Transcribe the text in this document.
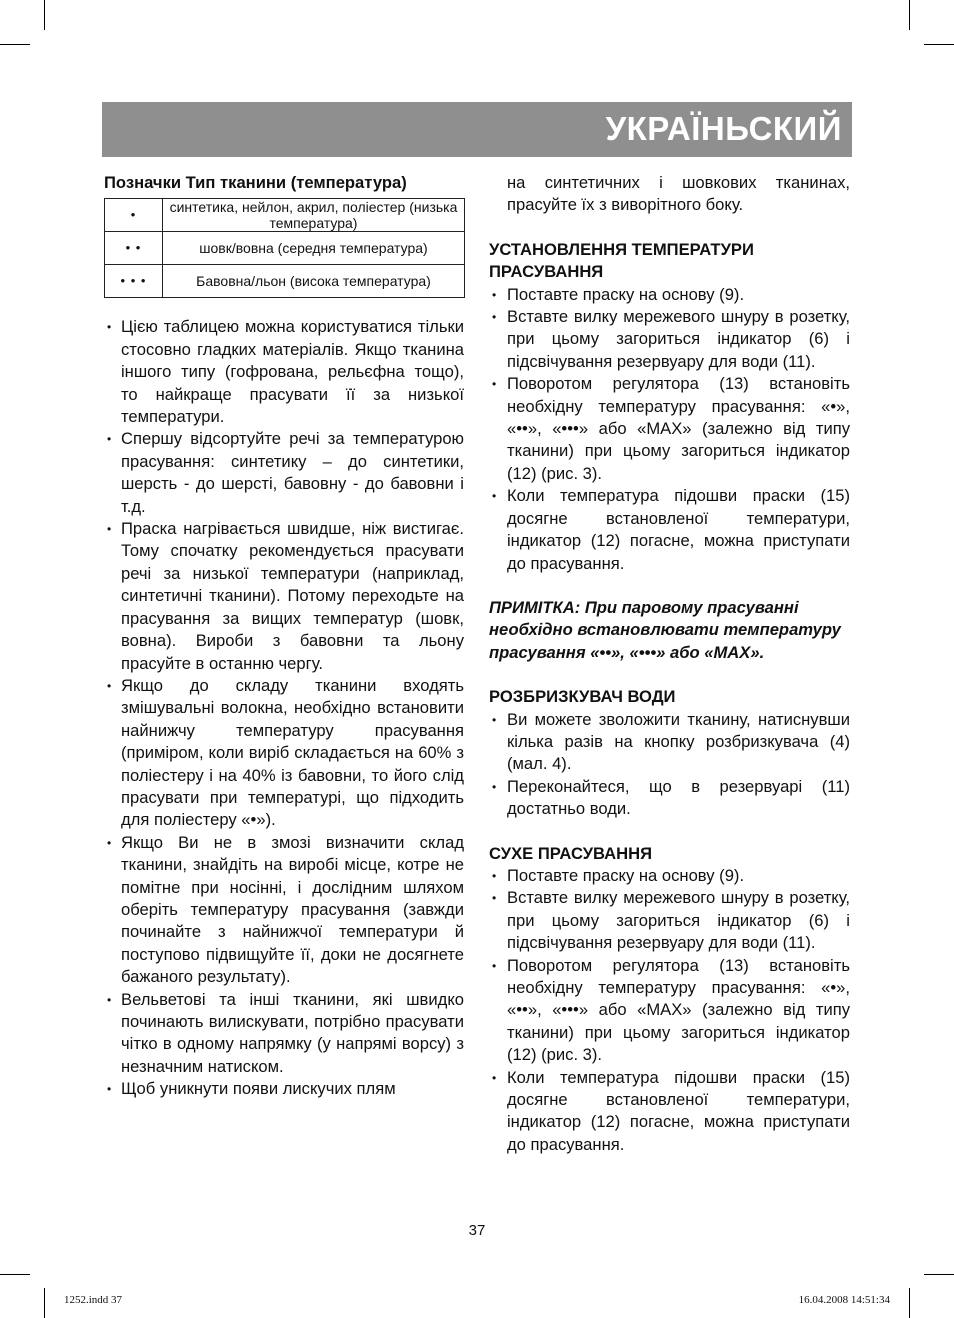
УКРАЇНЬСКИЙ

Позначки Тип тканини (температура)

•	синтетика, нейлон, акрил, поліестер (низька температура)
• •	шовк/вовна (середня температура)
• • •	Бавовна/льон (висока температура)
• Цією таблицею можна користуватися тільки стосовно гладких матеріалів. Якщо тканина іншого типу (гофрована, рельєфна тощо), то найкраще прасувати її за низької температури.
• Спершу відсортуйте речі за температурою прасування: синтетику – до синтетики, шерсть - до шерсті, бавовну - до бавовни і т.д.
• Праска нагрівається швидше, ніж вистигає. Тому спочатку рекомендується прасувати речі за низької температури (наприклад, синтетичні тканини). Потому переходьте на прасування за вищих температур (шовк, вовна). Вироби з бавовни та льону прасуйте в останню чергу.
• Якщо до складу тканини входять змішувальні волокна, необхідно встановити найнижчу температуру прасування (приміром, коли виріб складається на 60% з поліестеру і на 40% із бавовни, то його слід прасувати при температурі, що підходить для поліестеру «•»).
• Якщо Ви не в змозі визначити склад тканини, знайдіть на виробі місце, котре не помітне при носінні, і дослідним шляхом оберіть температуру прасування (завжди починайте з найнижчої температури й поступово підвищуйте її, доки не досягнете бажаного результату).
• Вельветові та інші тканини, які швидко починають вилискувати, потрібно прасувати чітко в одному напрямку (у напрямі ворсу) з незначним натиском.
• Щоб уникнути появи лискучих плям

на синтетичних і шовкових тканинах, прасуйте їх з виворітного боку.

УСТАНОВЛЕННЯ ТЕМПЕРАТУРИ
ПРАСУВАННЯ

• Поставте праску на основу (9).
• Вставте вилку мережевого шнуру в розетку, при цьому загориться індикатор (6) і підсвічування резервуару для води (11).
• Поворотом регулятора (13) встановіть необхідну температуру прасування: «•», «••», «•••» або «MAX» (залежно від типу тканини) при цьому загориться індикатор (12) (рис. 3).
• Коли температура підошви праски (15) досягне встановленої температури, індикатор (12) погасне, можна приступати до прасування.

ПРИМІТКА: При паровому прасуванні
необхідно встановлювати температуру
прасування «••», «•••» або «MAX».

РОЗБРИЗКУВАЧ ВОДИ

• Ви можете зволожити тканину, натиснувши кілька разів на кнопку розбризкувача (4) (мал. 4).
• Переконайтеся, що в резервуарі (11) достатньо води.

СУХЕ ПРАСУВАННЯ

• Поставте праску на основу (9).
• Вставте вилку мережевого шнуру в розетку, при цьому загориться індикатор (6) і підсвічування резервуару для води (11).
• Поворотом регулятора (13) встановіть необхідну температуру прасування: «•», «••», «•••» або «MAX» (залежно від типу тканини) при цьому загориться індикатор (12) (рис. 3).
• Коли температура підошви праски (15) досягне встановленої температури, індикатор (12) погасне, можна приступати до прасування.
37
1252.indd 37	16.04.2008 14:51:34
